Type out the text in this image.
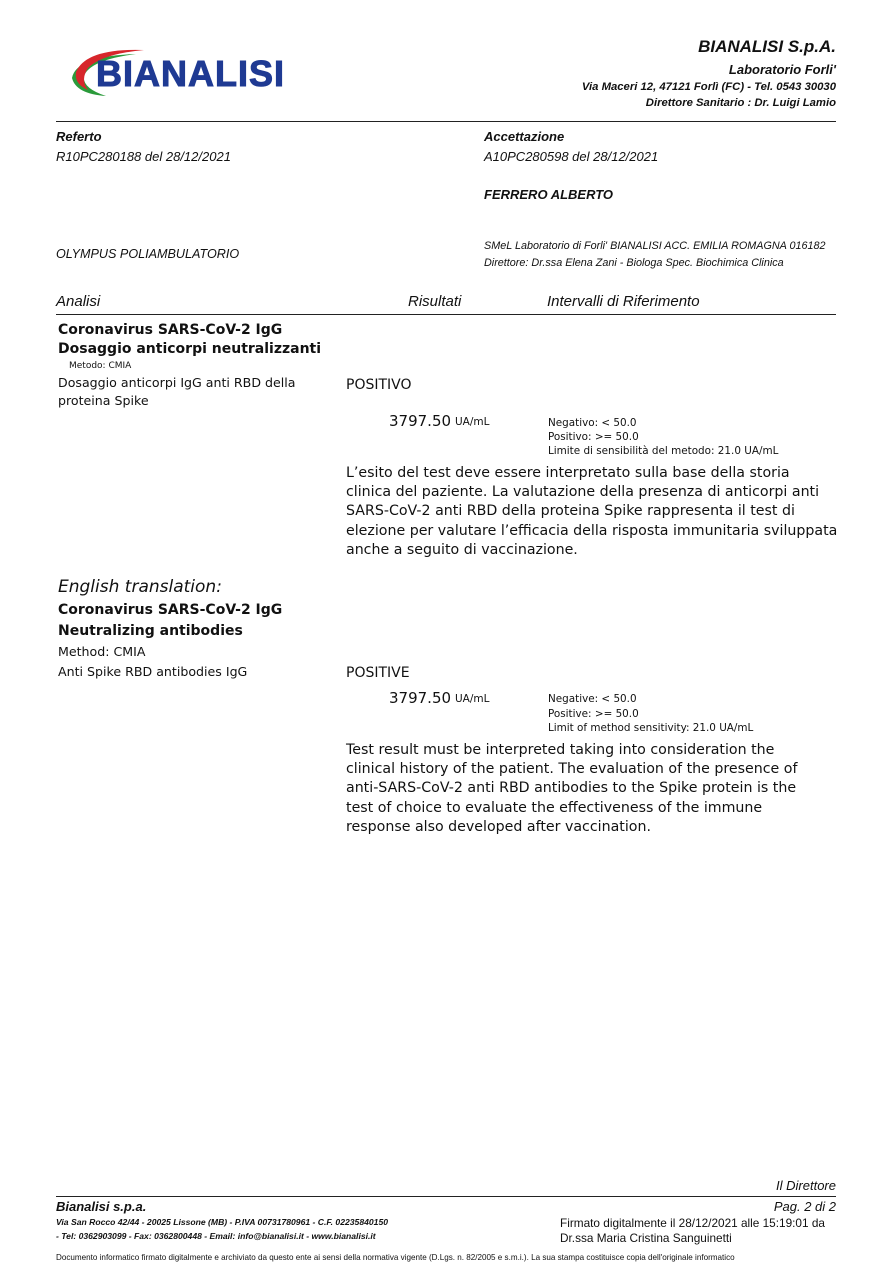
BIANALISI
BIANALISI S.p.A.
Laboratorio Forli'
Via Maceri 12, 47121 Forlì (FC) - Tel. 0543 30030
Direttore Sanitario : Dr. Luigi Lamio
Referto
R10PC280188 del 28/12/2021
Accettazione
A10PC280598 del 28/12/2021
FERRERO ALBERTO
OLYMPUS POLIAMBULATORIO
SMeL Laboratorio di Forli' BIANALISI ACC. EMILIA ROMAGNA 016182
Direttore: Dr.ssa Elena Zani - Biologa Spec. Biochimica Clinica
Analisi	Risultati	Intervalli di Riferimento
Coronavirus SARS-CoV-2 IgG
Dosaggio anticorpi neutralizzanti
Metodo: CMIA
Dosaggio anticorpi IgG anti RBD della
proteina Spike
POSITIVO
3797.50 UA/mL	Negativo: < 50.0
Positivo: >= 50.0
Limite di sensibilità del metodo: 21.0 UA/mL
L’esito del test deve essere interpretato sulla base della storia clinica del paziente. La valutazione della presenza di anticorpi anti SARS-CoV-2 anti RBD della proteina Spike rappresenta il test di elezione per valutare l’efficacia della risposta immunitaria sviluppata anche a seguito di vaccinazione.
English translation:
Coronavirus SARS-CoV-2 IgG
Neutralizing antibodies
Method: CMIA
Anti Spike RBD antibodies IgG	POSITIVE
3797.50 UA/mL	Negative: < 50.0
Positive: >= 50.0
Limit of method sensitivity: 21.0 UA/mL
Test result must be interpreted taking into consideration the clinical history of the patient. The evaluation of the presence of anti-SARS-CoV-2 anti RBD antibodies to the Spike protein is the test of choice to evaluate the effectiveness of the immune response also developed after vaccination.
Il Direttore
Bianalisi s.p.a.	Pag. 2 di 2
Via San Rocco 42/44 - 20025 Lissone (MB) - P.IVA 00731780961 - C.F. 02235840150
- Tel: 0362903099 - Fax: 0362800448 - Email: info@bianalisi.it - www.bianalisi.it
Firmato digitalmente il 28/12/2021 alle 15:19:01 da
Dr.ssa Maria Cristina Sanguinetti
Documento informatico firmato digitalmente e archiviato da questo ente ai sensi della normativa vigente (D.Lgs. n. 82/2005 e s.m.i.). La sua stampa costituisce copia dell'originale informatico
